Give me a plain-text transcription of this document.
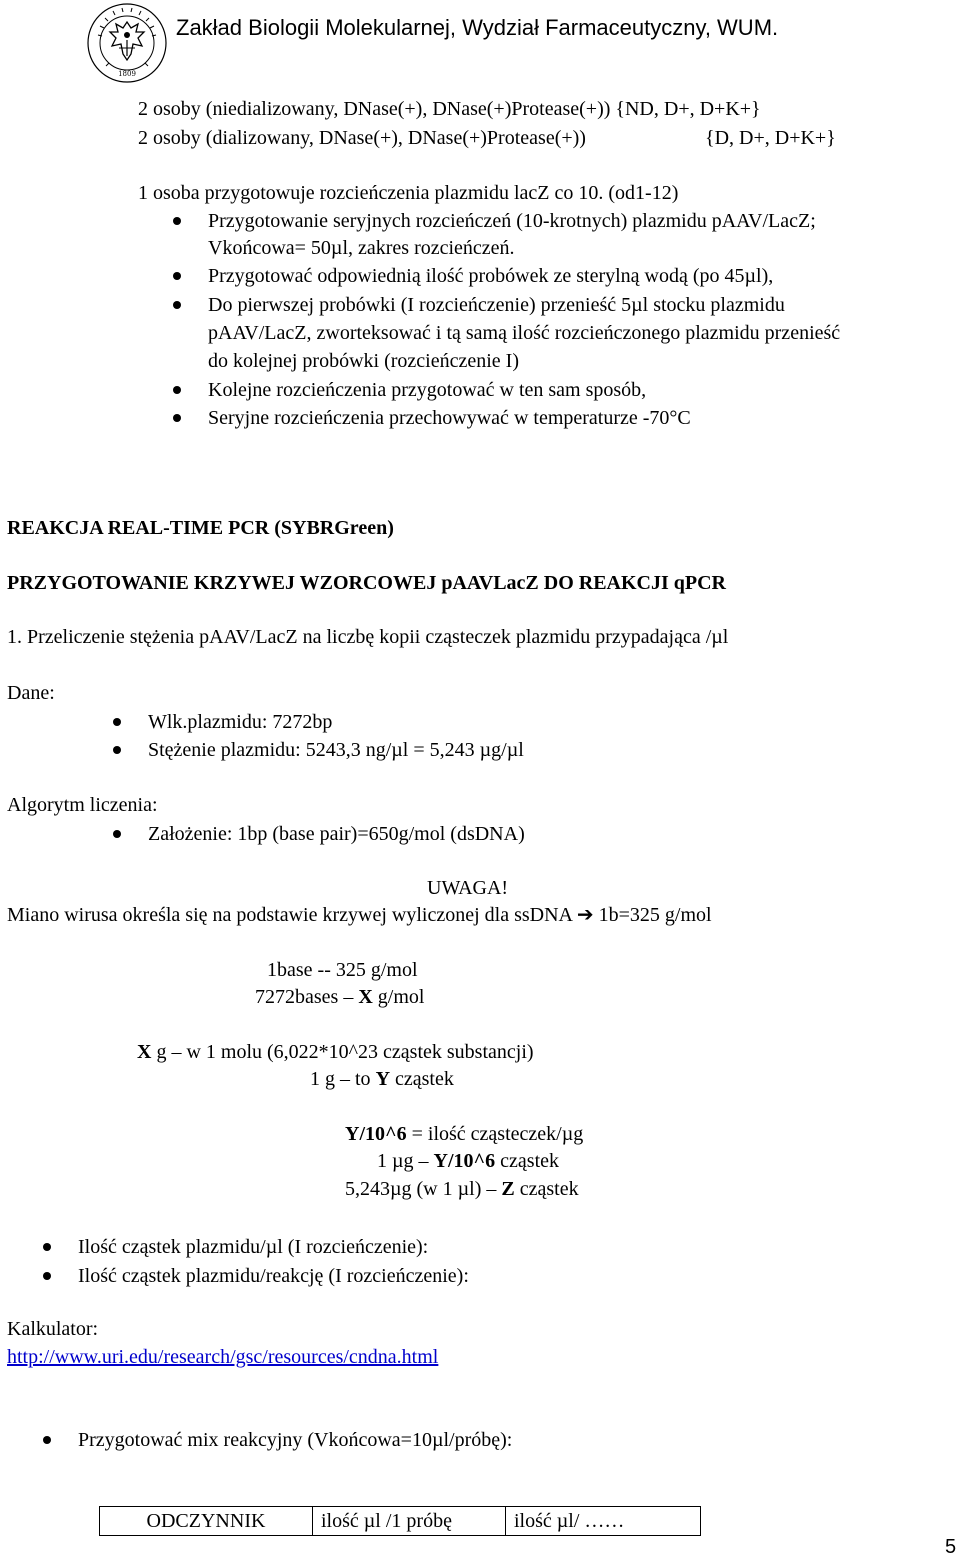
1809
Zakład Biologii Molekularnej, Wydział Farmaceutyczny, WUM.
2 osoby (niedializowany, DNase(+), DNase(+)Protease(+)) {ND, D+, D+K+}
2 osoby (dializowany, DNase(+), DNase(+)Protease(+))	{D, D+, D+K+}
1 osoba przygotowuje rozcieńczenia plazmidu lacZ co 10. (od1-12)
Przygotowanie seryjnych rozcieńczeń (10-krotnych) plazmidu pAAV/LacZ;
Vkońcowa= 50µl, zakres rozcieńczeń.
Przygotować odpowiednią ilość probówek ze sterylną wodą (po 45µl),
Do pierwszej probówki (I rozcieńczenie) przenieść 5µl stocku plazmidu
pAAV/LacZ, zworteksować i tą samą ilość rozcieńczonego plazmidu przenieść
do kolejnej probówki (rozcieńczenie I)
Kolejne rozcieńczenia przygotować w ten sam sposób,
Seryjne rozcieńczenia przechowywać w temperaturze -70°C
REAKCJA REAL-TIME PCR (SYBRGreen)
PRZYGOTOWANIE KRZYWEJ WZORCOWEJ pAAVLacZ DO REAKCJI qPCR
1. Przeliczenie stężenia pAAV/LacZ na liczbę kopii cząsteczek plazmidu przypadająca /µl
Dane:
Wlk.plazmidu: 7272bp
Stężenie plazmidu: 5243,3 ng/µl = 5,243 µg/µl
Algorytm liczenia:
Założenie: 1bp (base pair)=650g/mol (dsDNA)
UWAGA!
Miano wirusa określa się na podstawie krzywej wyliczonej dla ssDNA ➔ 1b=325 g/mol
1base -- 325 g/mol
7272bases – X g/mol
X g – w 1 molu (6,022*10^23 cząstek substancji)
1 g – to Y cząstek
Y/10^6 = ilość cząsteczek/µg
1 µg – Y/10^6 cząstek
5,243µg (w 1 µl) – Z cząstek
Ilość cząstek plazmidu/µl (I rozcieńczenie):
Ilość cząstek plazmidu/reakcję (I rozcieńczenie):
Kalkulator:
http://www.uri.edu/research/gsc/resources/cndna.html
Przygotować mix reakcyjny (Vkońcowa=10µl/próbę):
ODCZYNNIK	ilość µl /1 próbę	ilość µl/ ……
5
